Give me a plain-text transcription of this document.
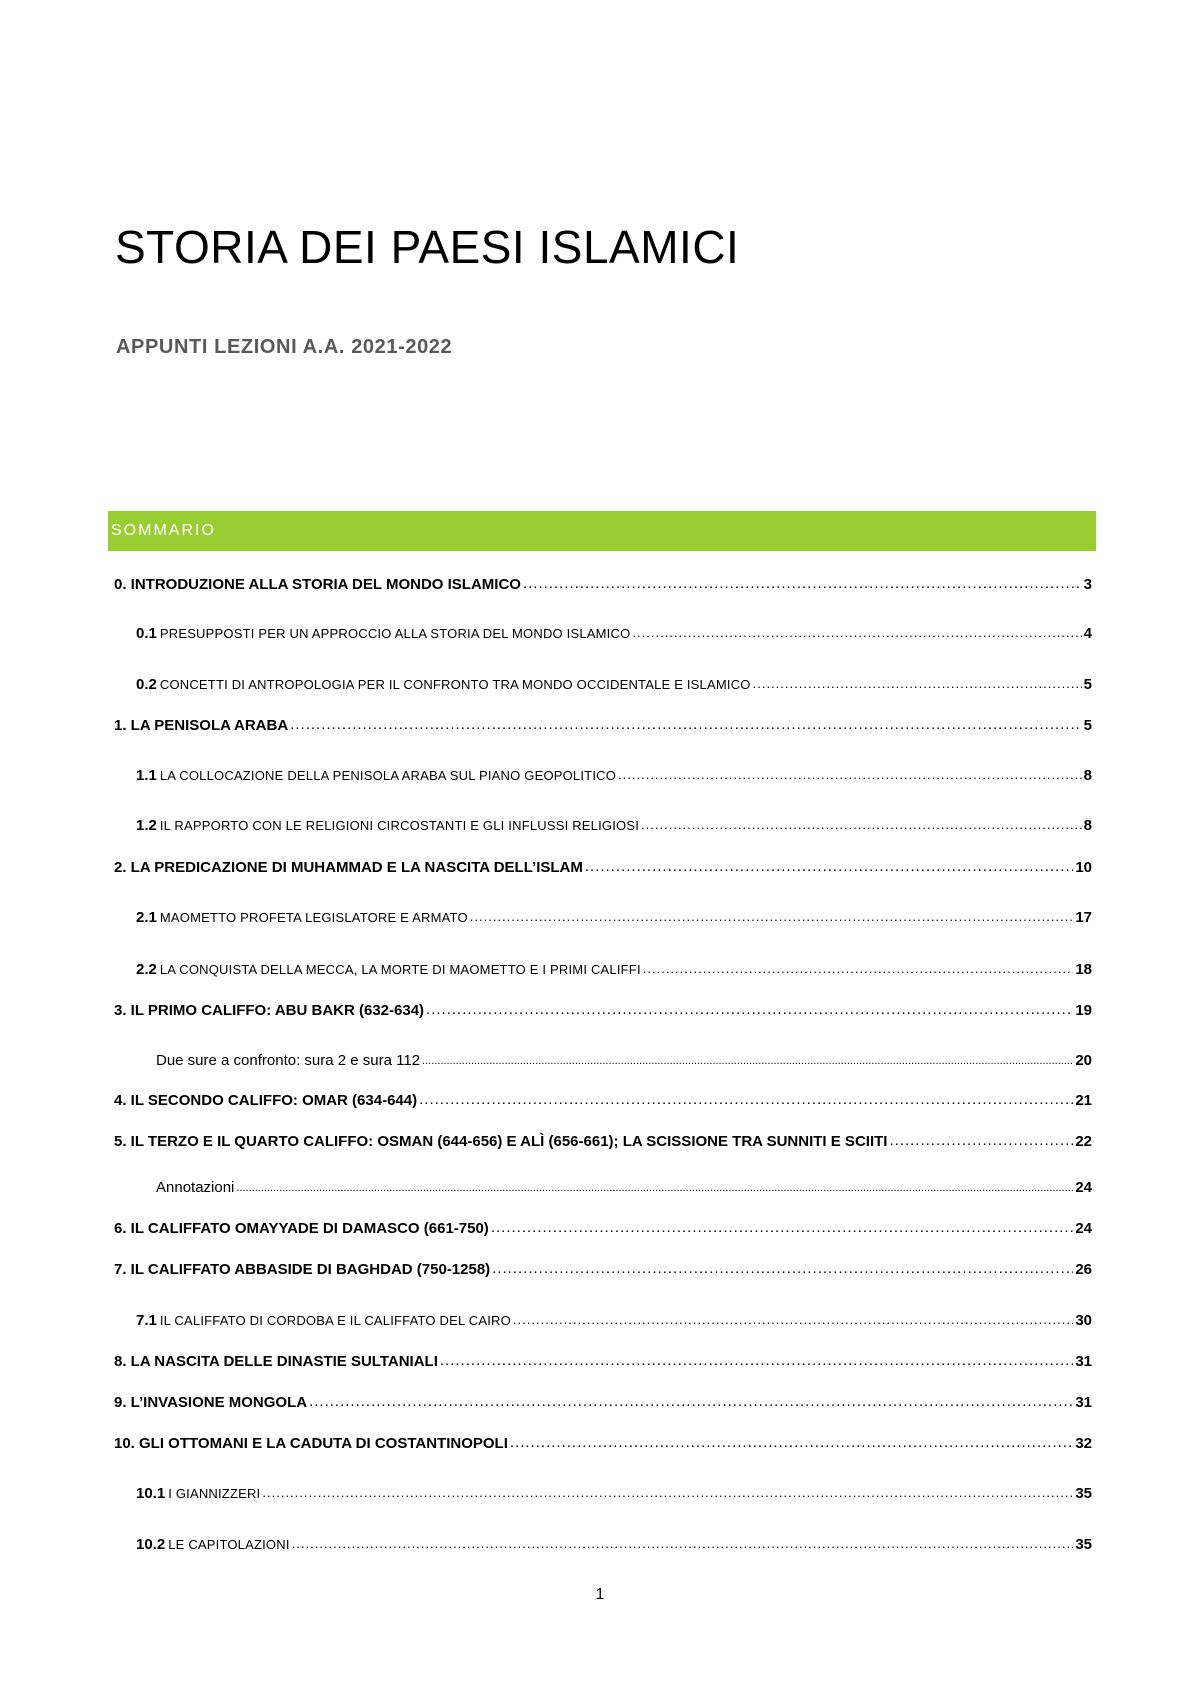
STORIA DEI PAESI ISLAMICI
APPUNTI LEZIONI A.A. 2021-2022
SOMMARIO
0. INTRODUZIONE ALLA STORIA DEL MONDO ISLAMICO .....	3
0.1 PRESUPPOSTI PER UN APPROCCIO ALLA STORIA DEL MONDO ISLAMICO .....	4
0.2 CONCETTI DI ANTROPOLOGIA PER IL CONFRONTO TRA MONDO OCCIDENTALE E ISLAMICO .....	5
1. LA PENISOLA ARABA .....	5
1.1 LA COLLOCAZIONE DELLA PENISOLA ARABA SUL PIANO GEOPOLITICO .....	8
1.2 IL RAPPORTO CON LE RELIGIONI CIRCOSTANTI E GLI INFLUSSI RELIGIOSI .....	8
2. LA PREDICAZIONE DI MUHAMMAD E LA NASCITA DELL’ISLAM .....	10
2.1 MAOMETTO PROFETA LEGISLATORE E ARMATO .....	17
2.2 LA CONQUISTA DELLA MECCA, LA MORTE DI MAOMETTO E I PRIMI CALIFFI .....	18
3. IL PRIMO CALIFFO: ABU BAKR (632-634) .....	19
Due sure a confronto: sura 2 e sura 112 .....	20
4. IL SECONDO CALIFFO: OMAR (634-644) .....	21
5. IL TERZO E IL QUARTO CALIFFO: OSMAN (644-656) E ALÌ (656-661); LA SCISSIONE TRA SUNNITI E SCIITI .....	22
Annotazioni .....	24
6. IL CALIFFATO OMAYYADE DI DAMASCO (661-750) .....	24
7. IL CALIFFATO ABBASIDE DI BAGHDAD (750-1258) .....	26
7.1 IL CALIFFATO DI CORDOBA E IL CALIFFATO DEL CAIRO .....	30
8. LA NASCITA DELLE DINASTIE SULTANIALI .....	31
9. L’INVASIONE MONGOLA .....	31
10. GLI OTTOMANI E LA CADUTA DI COSTANTINOPOLI .....	32
10.1 I GIANNIZZERI .....	35
10.2 LE CAPITOLAZIONI .....	35
1
